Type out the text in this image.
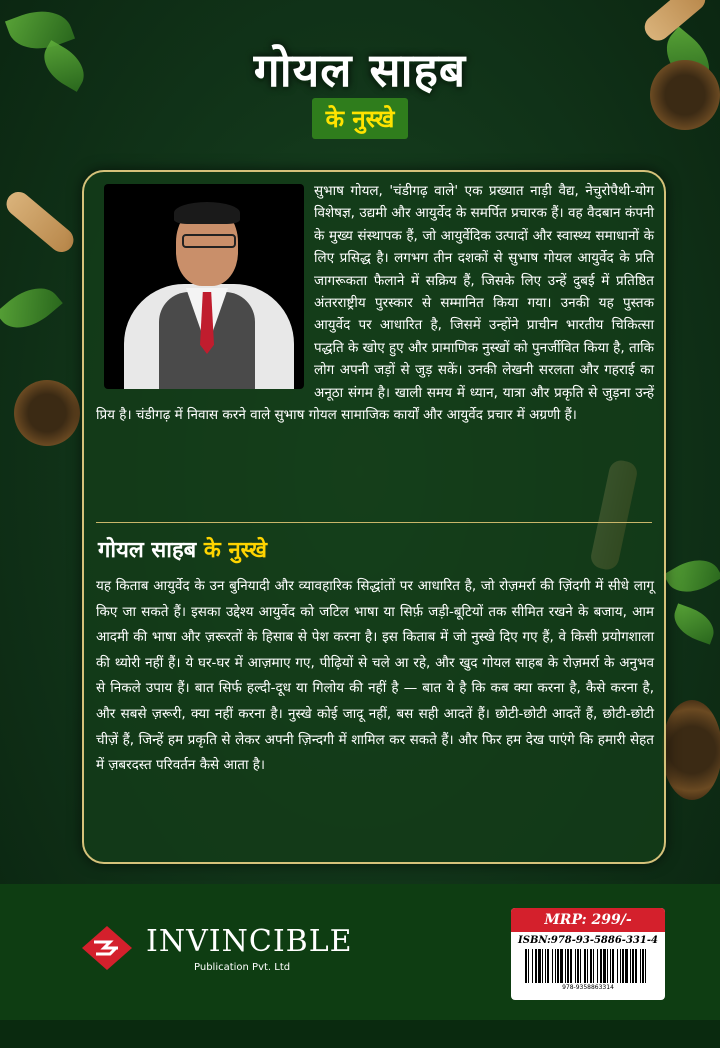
गोयल साहब
के नुस्खे
सुभाष गोयल, 'चंडीगढ़ वाले' एक प्रख्यात नाड़ी वैद्य, नेचुरोपैथी-योग विशेषज्ञ, उद्यमी और आयुर्वेद के समर्पित प्रचारक हैं। वह वैदबान कंपनी के मुख्य संस्थापक हैं, जो आयुर्वेदिक उत्पादों और स्वास्थ्य समाधानों के लिए प्रसिद्ध है। लगभग तीन दशकों से सुभाष गोयल आयुर्वेद के प्रति जागरूकता फैलाने में सक्रिय हैं, जिसके लिए उन्हें दुबई में प्रतिष्ठित अंतरराष्ट्रीय पुरस्कार से सम्मानित किया गया। उनकी यह पुस्तक आयुर्वेद पर आधारित है, जिसमें उन्होंने प्राचीन भारतीय चिकित्सा पद्धति के खोए हुए और प्रामाणिक नुस्खों को पुनर्जीवित किया है, ताकि लोग अपनी जड़ों से जुड़ सकें। उनकी लेखनी सरलता और गहराई का अनूठा संगम है। खाली समय में ध्यान, यात्रा और प्रकृति से जुड़ना उन्हें प्रिय है। चंडीगढ़ में निवास करने वाले सुभाष गोयल सामाजिक कार्यों और आयुर्वेद प्रचार में अग्रणी हैं।
गोयल साहब के नुस्खे
यह किताब आयुर्वेद के उन बुनियादी और व्यावहारिक सिद्धांतों पर आधारित है, जो रोज़मर्रा की ज़िंदगी में सीधे लागू किए जा सकते हैं। इसका उद्देश्य आयुर्वेद को जटिल भाषा या सिर्फ़ जड़ी-बूटियों तक सीमित रखने के बजाय, आम आदमी की भाषा और ज़रूरतों के हिसाब से पेश करना है। इस किताब में जो नुस्खे दिए गए हैं, वे किसी प्रयोगशाला की थ्योरी नहीं हैं। ये घर-घर में आज़माए गए, पीढ़ियों से चले आ रहे, और खुद गोयल साहब के रोज़मर्रा के अनुभव से निकले उपाय हैं। बात सिर्फ हल्दी-दूध या गिलोय की नहीं है — बात ये है कि कब क्या करना है, कैसे करना है, और सबसे ज़रूरी, क्या नहीं करना है। नुस्खे कोई जादू नहीं, बस सही आदतें हैं। छोटी-छोटी आदतें हैं, छोटी-छोटी चीज़ें हैं, जिन्हें हम प्रकृति से लेकर अपनी ज़िन्दगी में शामिल कर सकते हैं। और फिर हम देख पाएंगे कि हमारी सेहत में ज़बरदस्त परिवर्तन कैसे आता है।
INVINCIBLE
Publication Pvt. Ltd
MRP: 299/-
ISBN:978-93-5886-331-4
978-9358863314
